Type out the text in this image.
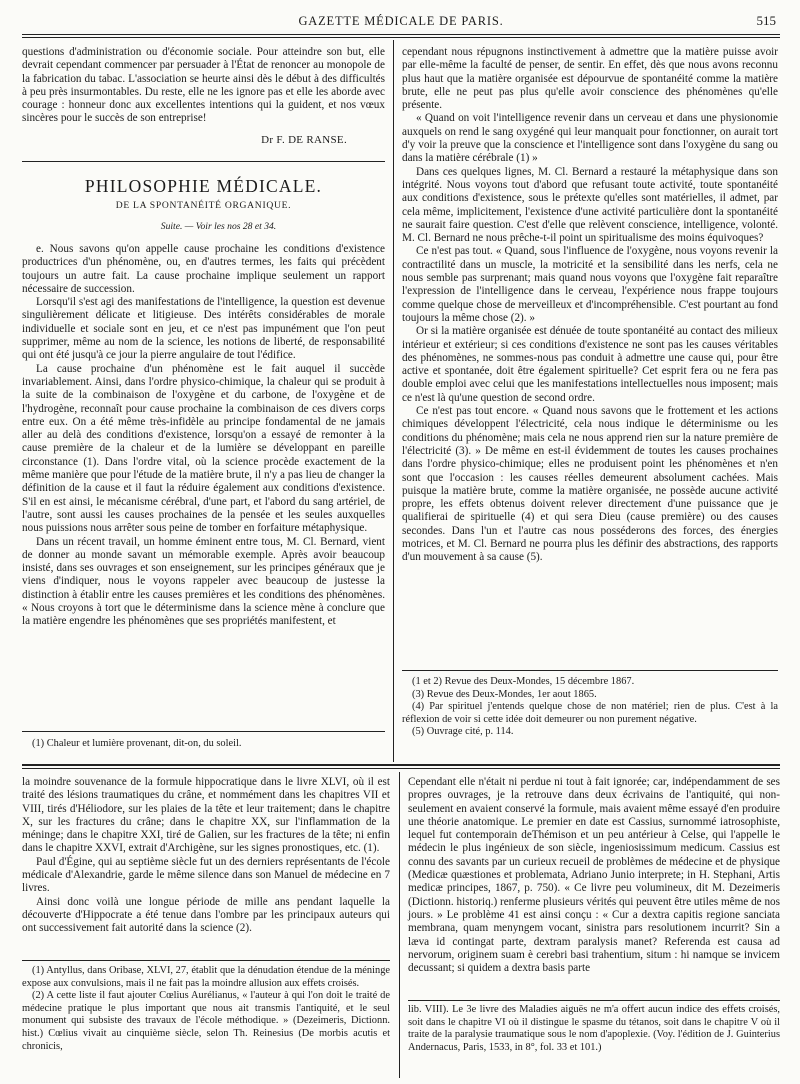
GAZETTE MÉDICALE DE PARIS.	515

questions d'administration ou d'économie sociale. Pour atteindre son but, elle devrait cependant commencer par persuader à l'État de renoncer au monopole de la fabrication du tabac. L'association se heurte ainsi dès le début à des difficultés à peu près insurmontables. Du reste, elle ne les ignore pas et elle les aborde avec courage : honneur donc aux excellentes intentions qui la guident, et nos vœux sincères pour le succès de son entreprise!

Dr F. DE RANSE.
PHILOSOPHIE MÉDICALE.
DE LA SPONTANÉITÉ ORGANIQUE.
Suite. — Voir les nos 28 et 34.

e. Nous savons qu'on appelle cause prochaine les conditions d'existence productrices d'un phénomène, ou, en d'autres termes, les faits qui précèdent toujours un autre fait. La cause prochaine implique seulement un rapport nécessaire de succession.

Lorsqu'il s'est agi des manifestations de l'intelligence, la question est devenue singulièrement délicate et litigieuse. Des intérêts considérables de morale individuelle et sociale sont en jeu, et ce n'est pas impunément que l'on peut supprimer, même au nom de la science, les notions de liberté, de responsabilité qui ont été jusqu'à ce jour la pierre angulaire de tout l'édifice.

La cause prochaine d'un phénomène est le fait auquel il succède invariablement. Ainsi, dans l'ordre physico-chimique, la chaleur qui se produit à la suite de la combinaison de l'oxygène et du carbone, de l'oxygène et de l'hydrogène, reconnaît pour cause prochaine la combinaison de ces divers corps entre eux. On a été même très-infidèle au principe fondamental de ne jamais aller au delà des conditions d'existence, lorsqu'on a essayé de remonter à la cause première de la chaleur et de la lumière se développant en pareille circonstance (1). Dans l'ordre vital, où la science procède exactement de la même manière que pour l'étude de la matière brute, il n'y a pas lieu de changer la définition de la cause et il faut la réduire également aux conditions d'existence. S'il en est ainsi, le mécanisme cérébral, d'une part, et l'abord du sang artériel, de l'autre, sont aussi les causes prochaines de la pensée et les seules auxquelles nous puissions nous arrêter sous peine de tomber en forfaiture métaphysique.

Dans un récent travail, un homme éminent entre tous, M. Cl. Bernard, vient de donner au monde savant un mémorable exemple. Après avoir beaucoup insisté, dans ses ouvrages et son enseignement, sur les principes généraux que je viens d'indiquer, nous le voyons rappeler avec beaucoup de justesse la distinction à établir entre les causes premières et les conditions des phénomènes. « Nous croyons à tort que le déterminisme dans la science mène à conclure que la matière engendre les phénomènes que ses propriétés manifestent, et

(1) Chaleur et lumière provenant, dit-on, du soleil.

cependant nous répugnons instinctivement à admettre que la matière puisse avoir par elle-même la faculté de penser, de sentir. En effet, dès que nous avons reconnu plus haut que la matière organisée est dépourvue de spontanéité comme la matière brute, elle ne peut pas plus qu'elle avoir conscience des phénomènes qu'elle présente.

« Quand on voit l'intelligence revenir dans un cerveau et dans une physionomie auxquels on rend le sang oxygéné qui leur manquait pour fonctionner, on aurait tort d'y voir la preuve que la conscience et l'intelligence sont dans l'oxygène du sang ou dans la matière cérébrale (1) »

Dans ces quelques lignes, M. Cl. Bernard a restauré la métaphysique dans son intégrité. Nous voyons tout d'abord que refusant toute activité, toute spontanéité aux conditions d'existence, sous le prétexte qu'elles sont matérielles, il admet, par cela même, implicitement, l'existence d'une activité particulière dont la spontanéité ne saurait faire question. C'est d'elle que relèvent conscience, intelligence, volonté. M. Cl. Bernard ne nous prêche-t-il point un spiritualisme des moins équivoques?

Ce n'est pas tout. « Quand, sous l'influence de l'oxygène, nous voyons revenir la contractilité dans un muscle, la motricité et la sensibilité dans les nerfs, cela ne nous semble pas surprenant; mais quand nous voyons que l'oxygène fait reparaître l'expression de l'intelligence dans le cerveau, l'expérience nous frappe toujours comme quelque chose de merveilleux et d'incompréhensible. C'est pourtant au fond toujours la même chose (2). »

Or si la matière organisée est dénuée de toute spontanéité au contact des milieux intérieur et extérieur; si ces conditions d'existence ne sont pas les causes véritables des phénomènes, ne sommes-nous pas conduit à admettre une cause qui, pour être active et spontanée, doit être également spirituelle? Cet esprit fera ou ne fera pas double emploi avec celui que les manifestations intellectuelles nous imposent; mais ce n'est là qu'une question de second ordre.

Ce n'est pas tout encore. « Quand nous savons que le frottement et les actions chimiques développent l'électricité, cela nous indique le déterminisme ou les conditions du phénomène; mais cela ne nous apprend rien sur la nature première de l'électricité (3). » De même en est-il évidemment de toutes les causes prochaines dans l'ordre physico-chimique; elles ne produisent point les phénomènes et n'en sont que l'occasion : les causes réelles demeurent absolument cachées. Mais puisque la matière brute, comme la matière organisée, ne possède aucune activité propre, les effets obtenus doivent relever directement d'une puissance que je qualifierai de spirituelle (4) et qui sera Dieu (cause première) ou des causes secondes. Dans l'un et l'autre cas nous posséderons des forces, des énergies motrices, et M. Cl. Bernard ne pourra plus les définir des abstractions, des rapports d'un mouvement à sa cause (5).

(1 et 2) Revue des Deux-Mondes, 15 décembre 1867.

(3) Revue des Deux-Mondes, 1er aout 1865.

(4) Par spirituel j'entends quelque chose de non matériel; rien de plus. C'est à la réflexion de voir si cette idée doit demeurer ou non purement négative.

(5) Ouvrage cité, p. 114.

la moindre souvenance de la formule hippocratique dans le livre XLVI, où il est traité des lésions traumatiques du crâne, et nommément dans les chapitres VII et VIII, tirés d'Héliodore, sur les plaies de la tête et leur traitement; dans le chapitre X, sur les fractures du crâne; dans le chapitre XX, sur l'inflammation de la méninge; dans le chapitre XXI, tiré de Galien, sur les fractures de la tête; ni enfin dans le chapitre XXVI, extrait d'Archigène, sur les signes pronostiques, etc. (1).

Paul d'Égine, qui au septième siècle fut un des derniers représentants de l'école médicale d'Alexandrie, garde le même silence dans son Manuel de médecine en 7 livres.

Ainsi donc voilà une longue période de mille ans pendant laquelle la découverte d'Hippocrate a été tenue dans l'ombre par les principaux auteurs qui ont successivement fait autorité dans la science (2).

(1) Antyllus, dans Oribase, XLVI, 27, établit que la dénudation étendue de la méninge expose aux convulsions, mais il ne fait pas la moindre allusion aux effets croisés.

(2) A cette liste il faut ajouter Cœlius Aurélianus, « l'auteur à qui l'on doit le traité de médecine pratique le plus important que nous ait transmis l'antiquité, et le seul monument qui subsiste des travaux de l'école méthodique. » (Dezeimeris, Dictionn. hist.) Cœlius vivait au cinquième siècle, selon Th. Reinesius (De morbis acutis et chronicis,

Cependant elle n'était ni perdue ni tout à fait ignorée; car, indépendamment de ses propres ouvrages, je la retrouve dans deux écrivains de l'antiquité, qui non-seulement en avaient conservé la formule, mais avaient même essayé d'en produire une théorie anatomique. Le premier en date est Cassius, surnommé iatrosophiste, lequel fut contemporain deThémison et un peu antérieur à Celse, qui l'appelle le médecin le plus ingénieux de son siècle, ingeniosissimum medicum. Cassius est connu des savants par un curieux recueil de problèmes de médecine et de physique (Medicæ quæstiones et problemata, Adriano Junio interprete; in H. Stephani, Artis medicæ principes, 1867, p. 750). « Ce livre peu volumineux, dit M. Dezeimeris (Dictionn. historiq.) renferme plusieurs vérités qui peuvent être utiles même de nos jours. » Le problème 41 est ainsi conçu : « Cur a dextra capitis regione sanciata membrana, quam menyngem vocant, sinistra pars resolutionem incurrit? Sin a læva id contingat parte, dextram paralysis manet? Referenda est causa ad nervorum, originem suam è cerebri basi trahentium, situm : hi namque se invicem decussant; si quidem a dextra basis parte

lib. VIII). Le 3e livre des Maladies aiguës ne m'a offert aucun indice des effets croisés, soit dans le chapitre VI où il distingue le spasme du tétanos, soit dans le chapitre V où il traite de la paralysie traumatique sous le nom d'apoplexie. (Voy. l'édition de J. Guinterius Andernacus, Paris, 1533, in 8°, fol. 33 et 101.)
